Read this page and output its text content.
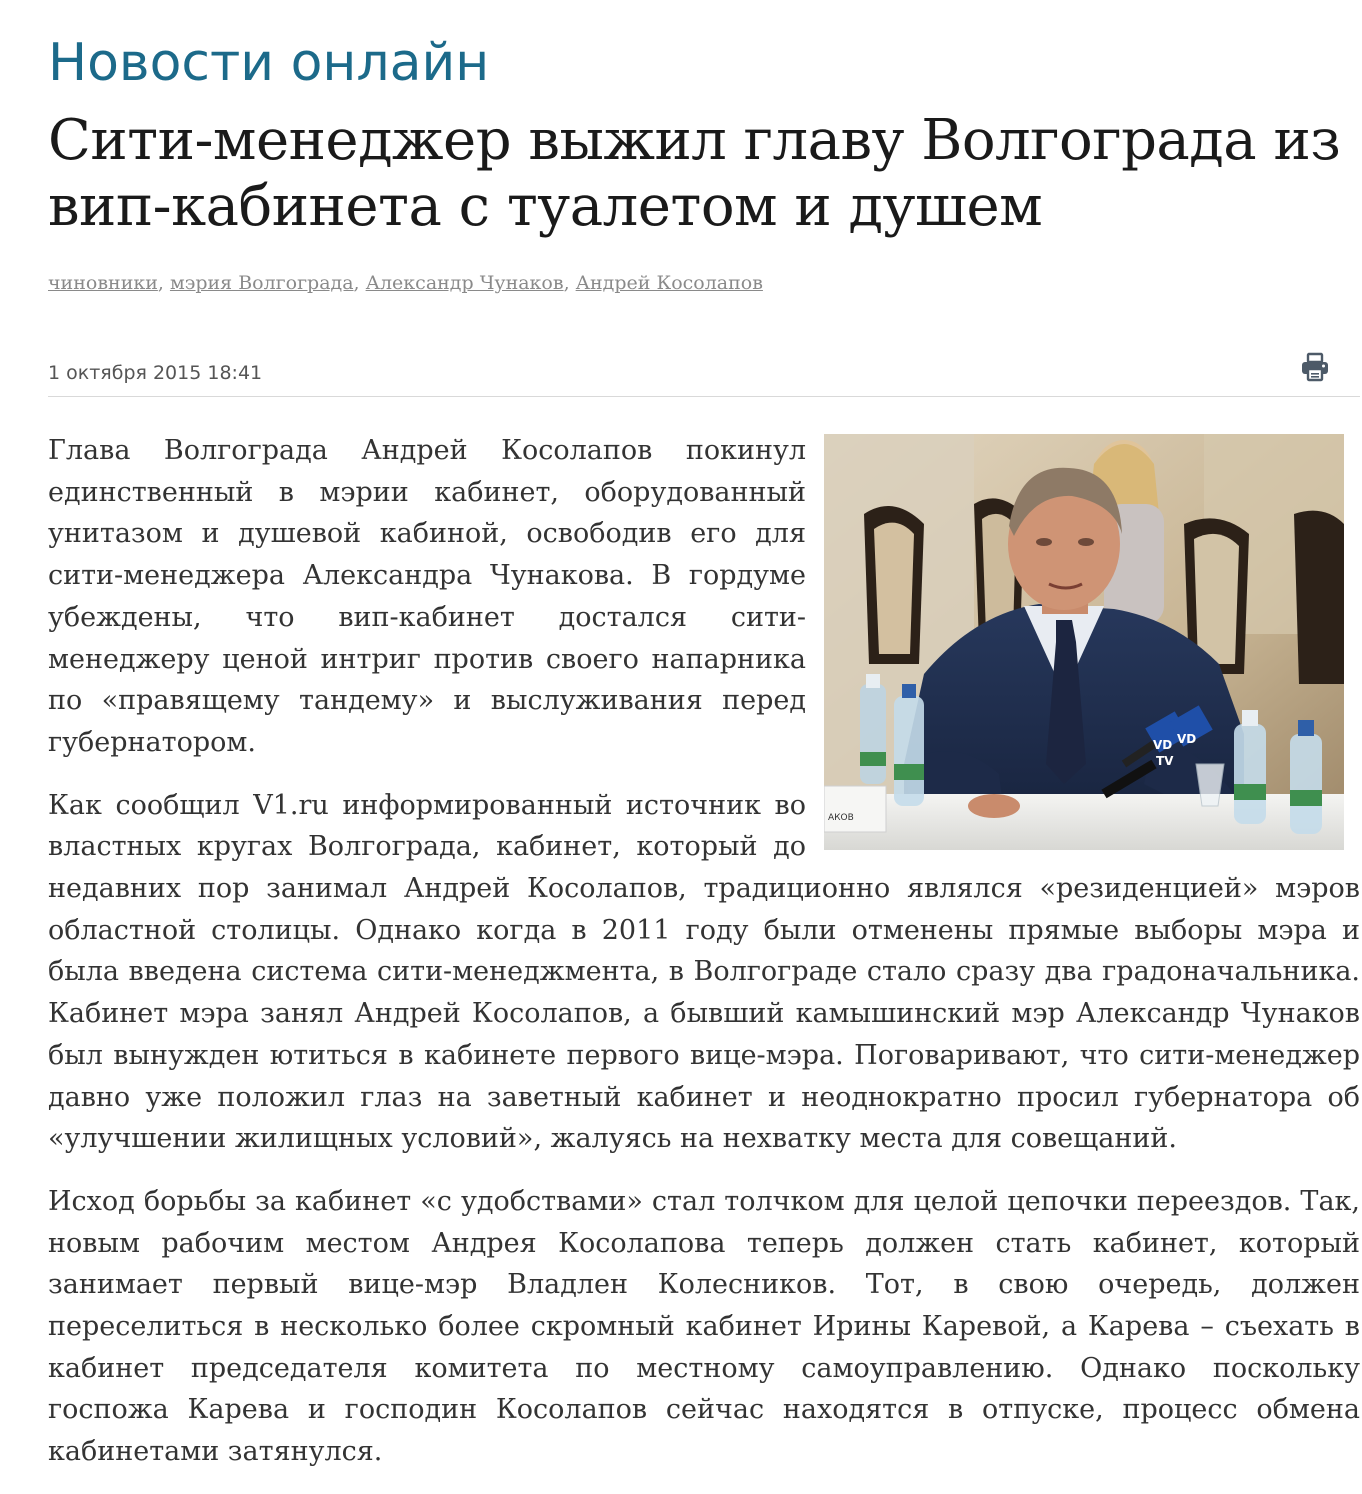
Новости онлайн
Сити-менеджер выжил главу Волгограда из вип-кабинета с туалетом и душем
чиновники, мэрия Волгограда, Александр Чунаков, Андрей Косолапов
1 октября 2015 18:41
АКОВ
VD VD
TV

Глава Волгограда Андрей Косолапов покинул единственный в мэрии кабинет, оборудованный унитазом и душевой кабиной, освободив его для сити-менеджера Александра Чунакова. В гордуме убеждены, что вип-кабинет достался сити-менеджеру ценой интриг против своего напарника по «правящему тандему» и выслуживания перед губернатором.

Как сообщил V1.ru информированный источник во властных кругах Волгограда, кабинет, который до недавних пор занимал Андрей Косолапов, традиционно являлся «резиденцией» мэров областной столицы. Однако когда в 2011 году были отменены прямые выборы мэра и была введена система сити-менеджмента, в Волгограде стало сразу два градоначальника. Кабинет мэра занял Андрей Косолапов, а бывший камышинский мэр Александр Чунаков был вынужден ютиться в кабинете первого вице-мэра. Поговаривают, что сити-менеджер давно уже положил глаз на заветный кабинет и неоднократно просил губернатора об «улучшении жилищных условий», жалуясь на нехватку места для совещаний.

Исход борьбы за кабинет «с удобствами» стал толчком для целой цепочки переездов. Так, новым рабочим местом Андрея Косолапова теперь должен стать кабинет, который занимает первый вице-мэр Владлен Колесников. Тот, в свою очередь, должен переселиться в несколько более скромный кабинет Ирины Каревой, а Карева – съехать в кабинет председателя комитета по местному самоуправлению. Однако поскольку госпожа Карева и господин Косолапов сейчас находятся в отпуске, процесс обмена кабинетами затянулся.
